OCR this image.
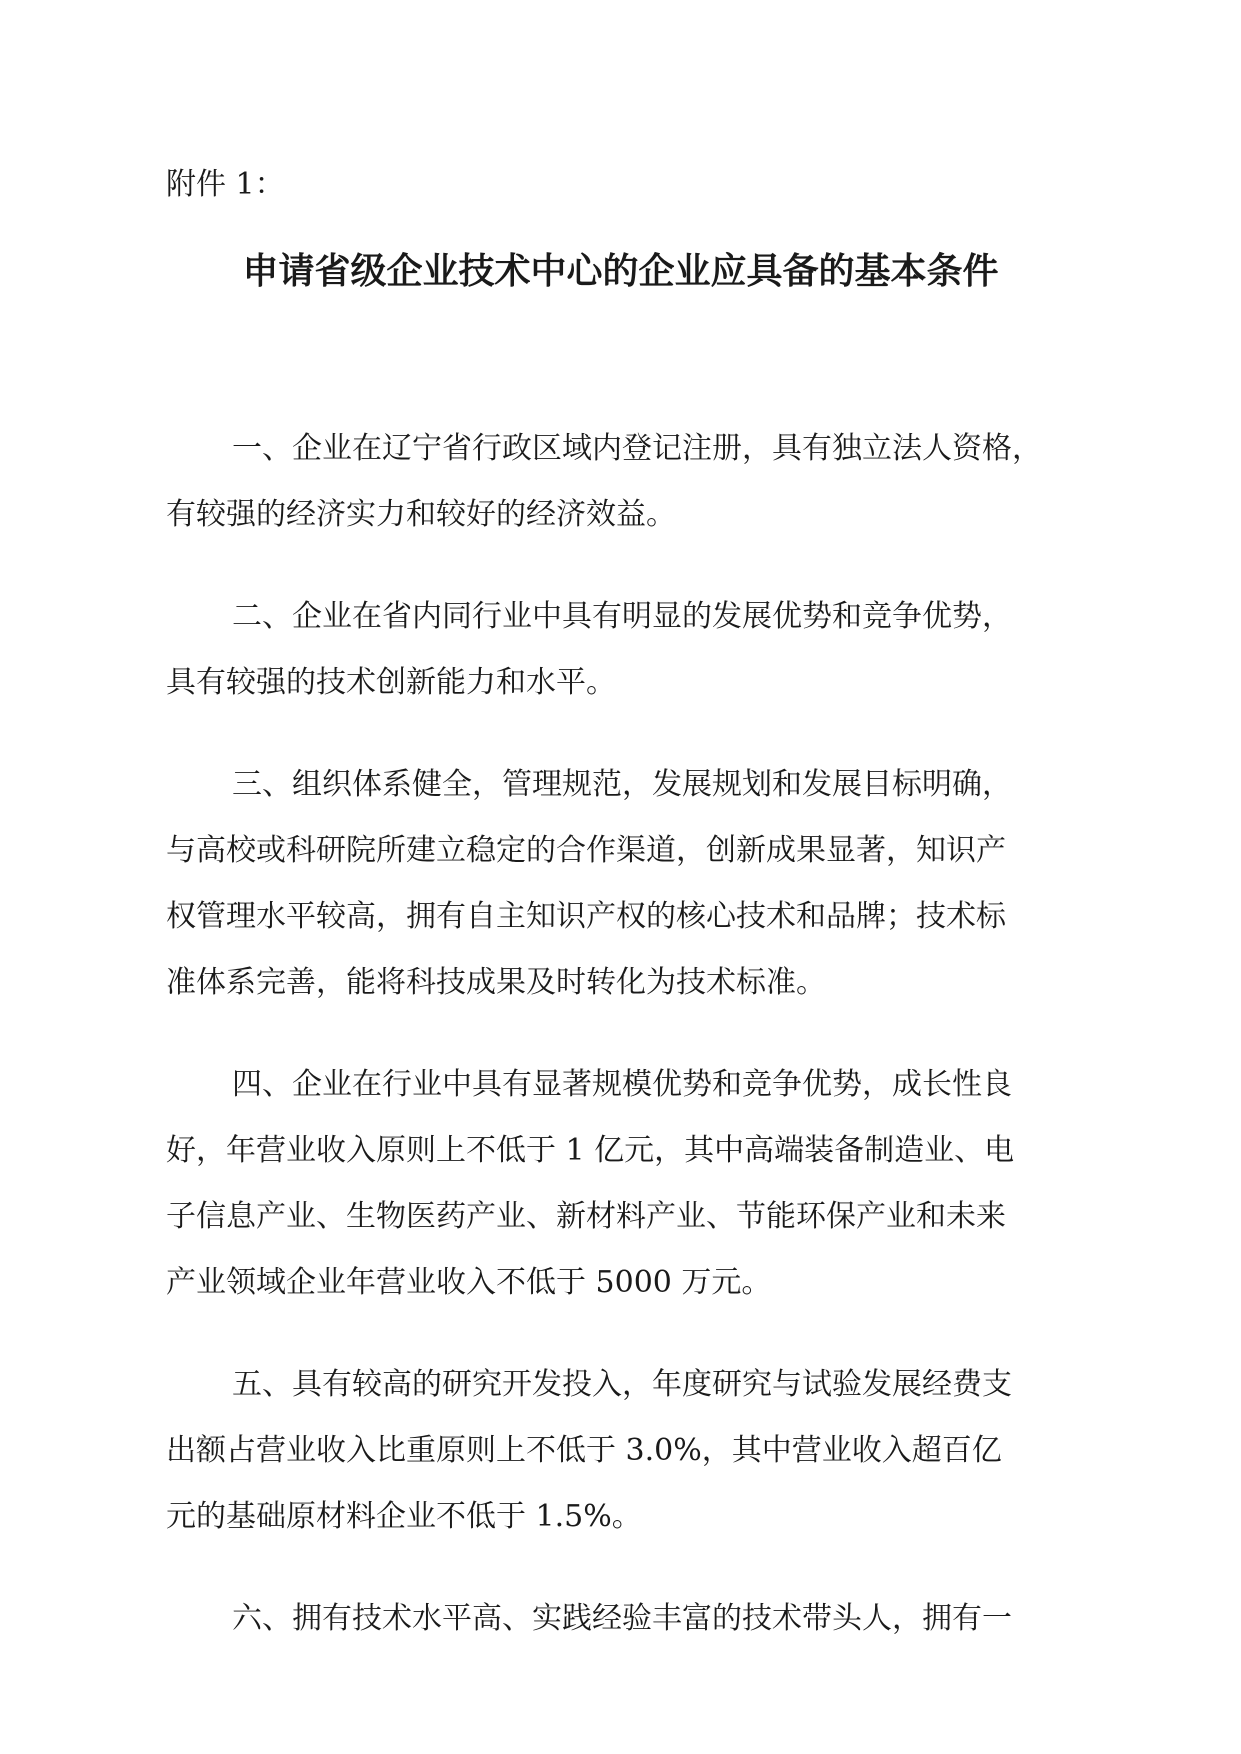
附件 1：
申请省级企业技术中心的企业应具备的基本条件
一、企业在辽宁省行政区域内登记注册，具有独立法人资格，
有较强的经济实力和较好的经济效益。
二、企业在省内同行业中具有明显的发展优势和竞争优势，
具有较强的技术创新能力和水平。
三、组织体系健全，管理规范，发展规划和发展目标明确，
与高校或科研院所建立稳定的合作渠道，创新成果显著，知识产
权管理水平较高，拥有自主知识产权的核心技术和品牌；技术标
准体系完善，能将科技成果及时转化为技术标准。
四、企业在行业中具有显著规模优势和竞争优势，成长性良
好，年营业收入原则上不低于 1 亿元，其中高端装备制造业、电
子信息产业、生物医药产业、新材料产业、节能环保产业和未来
产业领域企业年营业收入不低于 5000 万元。
五、具有较高的研究开发投入，年度研究与试验发展经费支
出额占营业收入比重原则上不低于 3.0%，其中营业收入超百亿
元的基础原材料企业不低于 1.5%。
六、拥有技术水平高、实践经验丰富的技术带头人，拥有一
